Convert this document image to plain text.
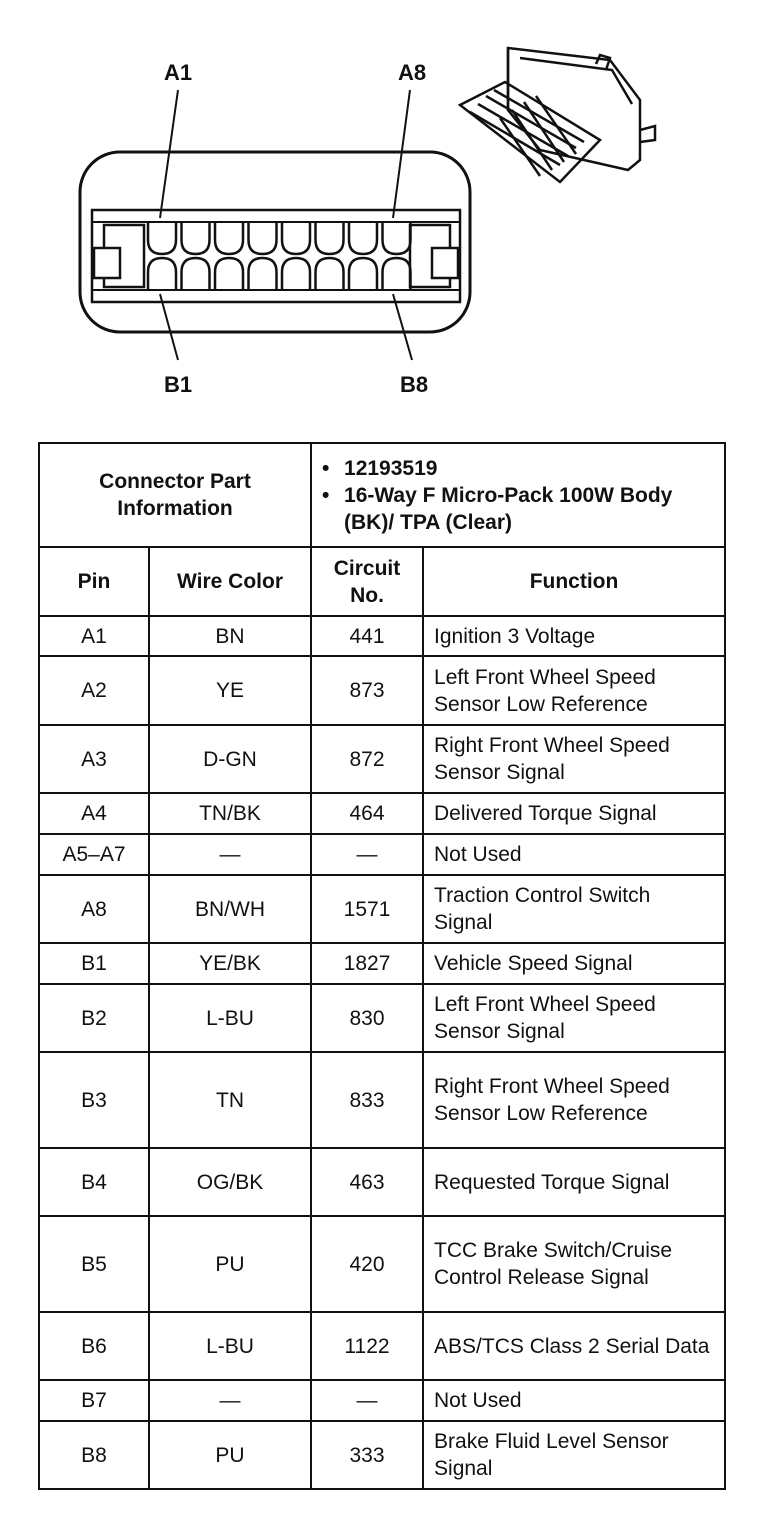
A1	A8
B1	B8
Connector Part Information		• 12193519
• 16-Way F Micro-Pack 100W Body (BK)/ TPA (Clear)	

Pin	Wire Color	Circuit No.	Function
A1	BN	441	Ignition 3 Voltage
A2	YE	873	Left Front Wheel Speed Sensor Low Reference
A3	D-GN	872	Right Front Wheel Speed Sensor Signal
A4	TN/BK	464	Delivered Torque Signal
A5–A7	—	—	Not Used
A8	BN/WH	1571	Traction Control Switch Signal
B1	YE/BK	1827	Vehicle Speed Signal
B2	L-BU	830	Left Front Wheel Speed Sensor Signal
B3	TN	833	Right Front Wheel Speed Sensor Low Reference
B4	OG/BK	463	Requested Torque Signal
B5	PU	420	TCC Brake Switch/Cruise Control Release Signal
B6	L-BU	1122	ABS/TCS Class 2 Serial Data
B7	—	—	Not Used
B8	PU	333	Brake Fluid Level Sensor Signal
